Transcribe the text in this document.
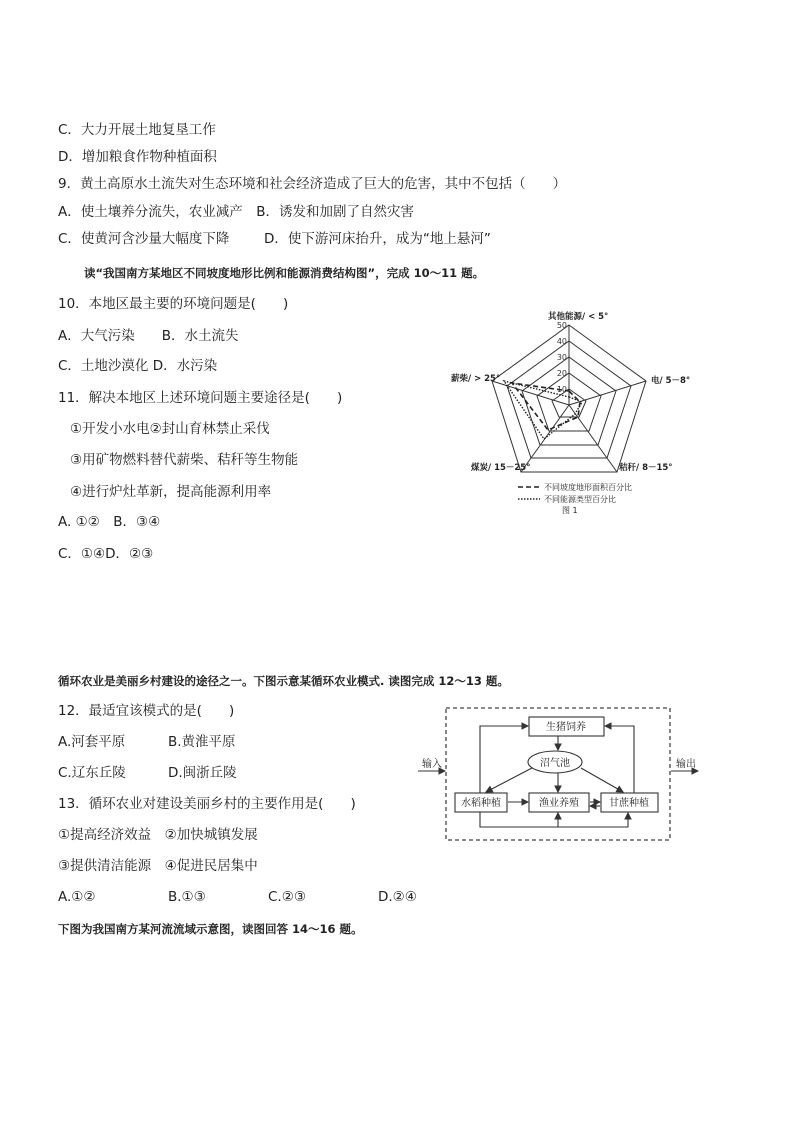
C．大力开展土地复垦工作
D．增加粮食作物种植面积
9．黄土高原水土流失对生态环境和社会经济造成了巨大的危害，其中不包括（　　）
A．使土壤养分流失，农业减产　B．诱发和加剧了自然灾害
C．使黄河含沙量大幅度下降	D．使下游河床抬升，成为“地上悬河”
读“我国南方某地区不同坡度地形比例和能源消费结构图”，完成 10～11 题。
10．本地区最主要的环境问题是(　　)
A．大气污染　　B．水土流失
C．土地沙漠化 D．水污染
11．解决本地区上述环境问题主要途径是(　　)
①开发小水电②封山育林禁止采伐
③用矿物燃料替代薪柴、秸秆等生物能
④进行炉灶革新，提高能源利用率
A. ①②　B．③④
C．①④D．②③
50
40
30
20
10
其他能源/ < 5°
电/ 5－8°
秸秆/ 8－15°
煤炭/ 15－25°
薪柴/ > 25°
不同坡度地形面积百分比
不同能源类型百分比
图 1
循环农业是美丽乡村建设的途径之一。下图示意某循环农业模式. 读图完成 12～13 题。
12．最适宜该模式的是(　　)
A.河套平原	B.黄淮平原
C.辽东丘陵	D.闽浙丘陵
13．循环农业对建设美丽乡村的主要作用是(　　)
①提高经济效益　②加快城镇发展
③提供清洁能源　④促进民居集中
A.①②	B.①③	C.②③	D.②④
输入	输出
生猪饲养
沼气池
水稻种植	渔业养殖	甘蔗种植
下图为我国南方某河流流域示意图，读图回答 14～16 题。
